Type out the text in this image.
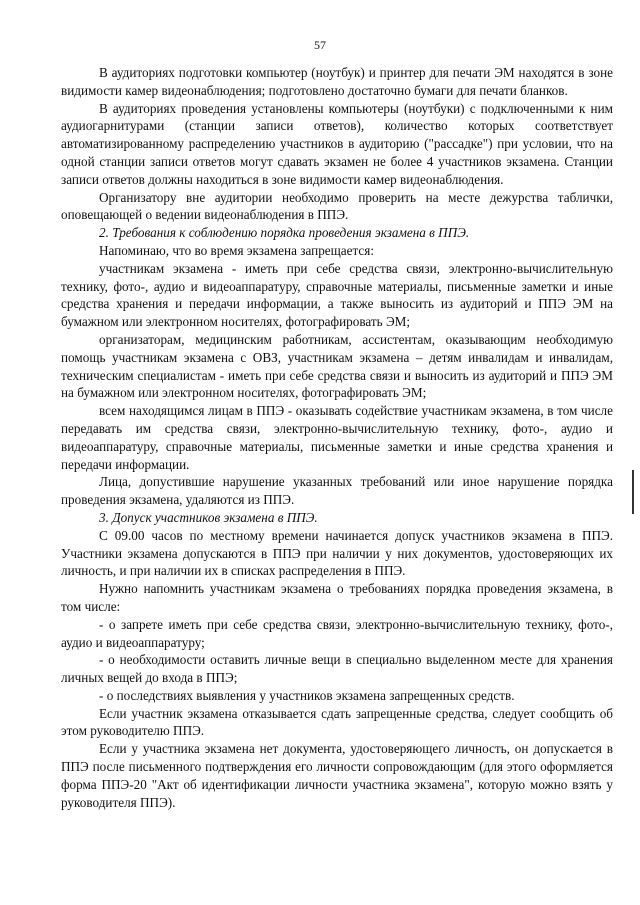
57

В аудиториях подготовки компьютер (ноутбук) и принтер для печати ЭМ находятся в зоне видимости камер видеонаблюдения; подготовлено достаточно бумаги для печати бланков.

В аудиториях проведения установлены компьютеры (ноутбуки) с подключенными к ним аудиогарнитурами (станции записи ответов), количество которых соответствует автоматизированному распределению участников в аудиторию ("рассадке") при условии, что на одной станции записи ответов могут сдавать экзамен не более 4 участников экзамена. Станции записи ответов должны находиться в зоне видимости камер видеонаблюдения.

Организатору вне аудитории необходимо проверить на месте дежурства таблички, оповещающей о ведении видеонаблюдения в ППЭ.

2. Требования к соблюдению порядка проведения экзамена в ППЭ.

Напоминаю, что во время экзамена запрещается:

участникам экзамена - иметь при себе средства связи, электронно-вычислительную технику, фото-, аудио и видеоаппаратуру, справочные материалы, письменные заметки и иные средства хранения и передачи информации, а также выносить из аудиторий и ППЭ ЭМ на бумажном или электронном носителях, фотографировать ЭМ;

организаторам, медицинским работникам, ассистентам, оказывающим необходимую помощь участникам экзамена с ОВЗ, участникам экзамена – детям инвалидам и инвалидам, техническим специалистам - иметь при себе средства связи и выносить из аудиторий и ППЭ ЭМ на бумажном или электронном носителях, фотографировать ЭМ;

всем находящимся лицам в ППЭ - оказывать содействие участникам экзамена, в том числе передавать им средства связи, электронно-вычислительную технику, фото-, аудио и видеоаппаратуру, справочные материалы, письменные заметки и иные средства хранения и передачи информации.

Лица, допустившие нарушение указанных требований или иное нарушение порядка проведения экзамена, удаляются из ППЭ.

3. Допуск участников экзамена в ППЭ.

С 09.00 часов по местному времени начинается допуск участников экзамена в ППЭ. Участники экзамена допускаются в ППЭ при наличии у них документов, удостоверяющих их личность, и при наличии их в списках распределения в ППЭ.

Нужно напомнить участникам экзамена о требованиях порядка проведения экзамена, в том числе:

- о запрете иметь при себе средства связи, электронно-вычислительную технику, фото-, аудио и видеоаппаратуру;

- о необходимости оставить личные вещи в специально выделенном месте для хранения личных вещей до входа в ППЭ;

- о последствиях выявления у участников экзамена запрещенных средств.

Если участник экзамена отказывается сдать запрещенные средства, следует сообщить об этом руководителю ППЭ.

Если у участника экзамена нет документа, удостоверяющего личность, он допускается в ППЭ после письменного подтверждения его личности сопровождающим (для этого оформляется форма ППЭ-20 "Акт об идентификации личности участника экзамена", которую можно взять у руководителя ППЭ).
